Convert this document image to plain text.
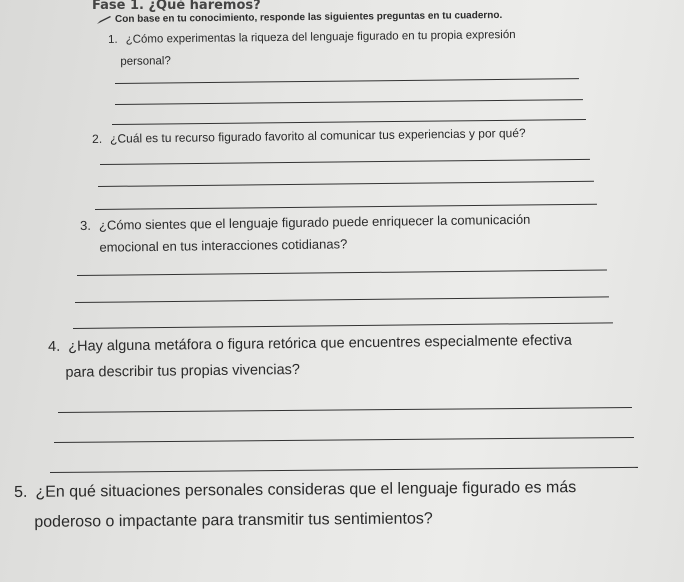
Fase 1. ¿Qué haremos?
Con base en tu conocimiento, responde las siguientes preguntas en tu cuaderno.
1. ¿Cómo experimentas la riqueza del lenguaje figurado en tu propia expresión
personal?
2. ¿Cuál es tu recurso figurado favorito al comunicar tus experiencias y por qué?
3. ¿Cómo sientes que el lenguaje figurado puede enriquecer la comunicación
emocional en tus interacciones cotidianas?
4. ¿Hay alguna metáfora o figura retórica que encuentres especialmente efectiva
para describir tus propias vivencias?
5. ¿En qué situaciones personales consideras que el lenguaje figurado es más
poderoso o impactante para transmitir tus sentimientos?
